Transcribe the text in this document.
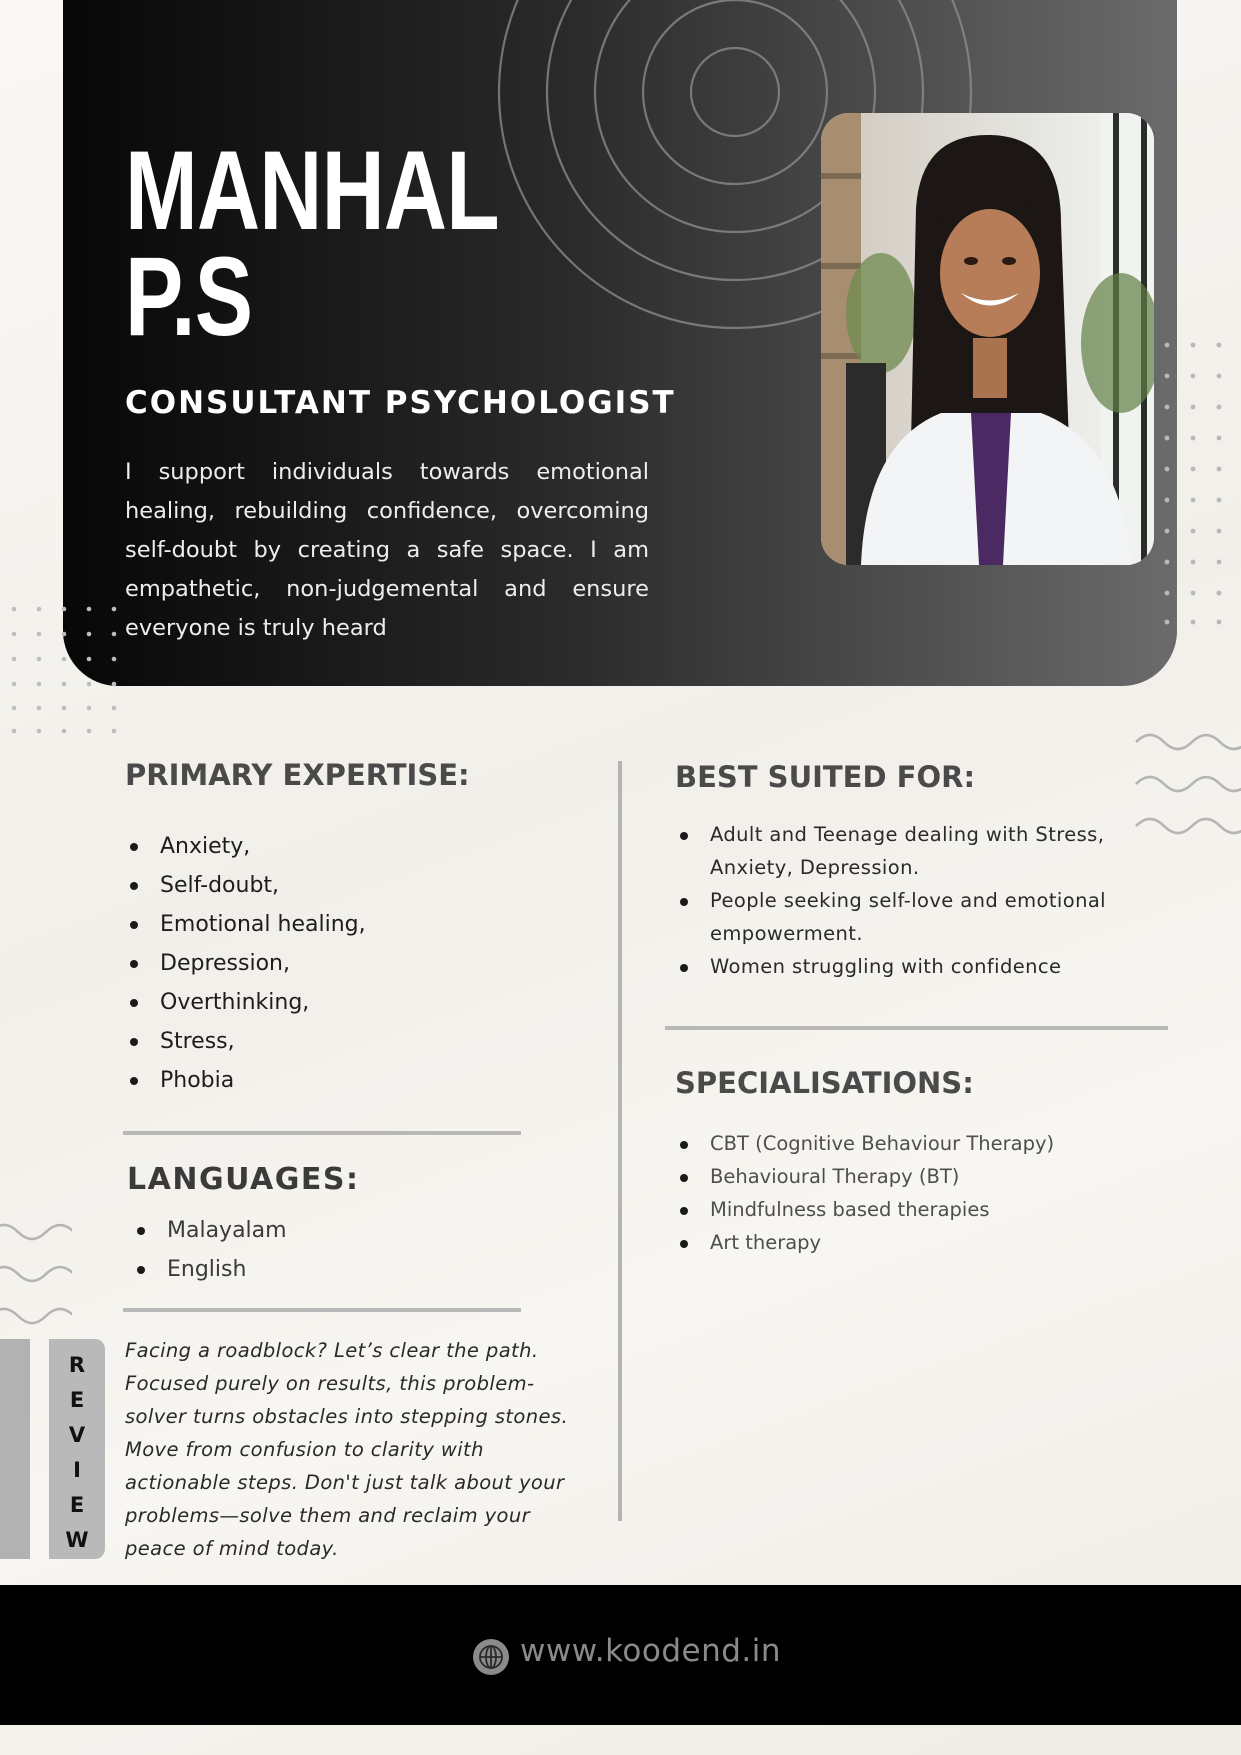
MANHAL
P.S
CONSULTANT PSYCHOLOGIST

I support individuals towards emotional healing, rebuilding confidence, overcoming self-doubt by creating a safe space. I am empathetic, non-judgemental and ensure everyone is truly heard

PRIMARY EXPERTISE:
Anxiety,
Self-doubt,
Emotional healing,
Depression,
Overthinking,
Stress,
Phobia
LANGUAGES:
Malayalam
English
R
E
V
I
E
W

Facing a roadblock? Let’s clear the path. Focused purely on results, this problem-solver turns obstacles into stepping stones. Move from confusion to clarity with actionable steps. Don't just talk about your problems—solve them and reclaim your peace of mind today.

BEST SUITED FOR:
Adult and Teenage dealing with Stress, Anxiety, Depression.
People seeking self-love and emotional empowerment.
Women struggling with confidence
SPECIALISATIONS:
CBT (Cognitive Behaviour Therapy)
Behavioural Therapy (BT)
Mindfulness based therapies
Art therapy

www.koodend.in
